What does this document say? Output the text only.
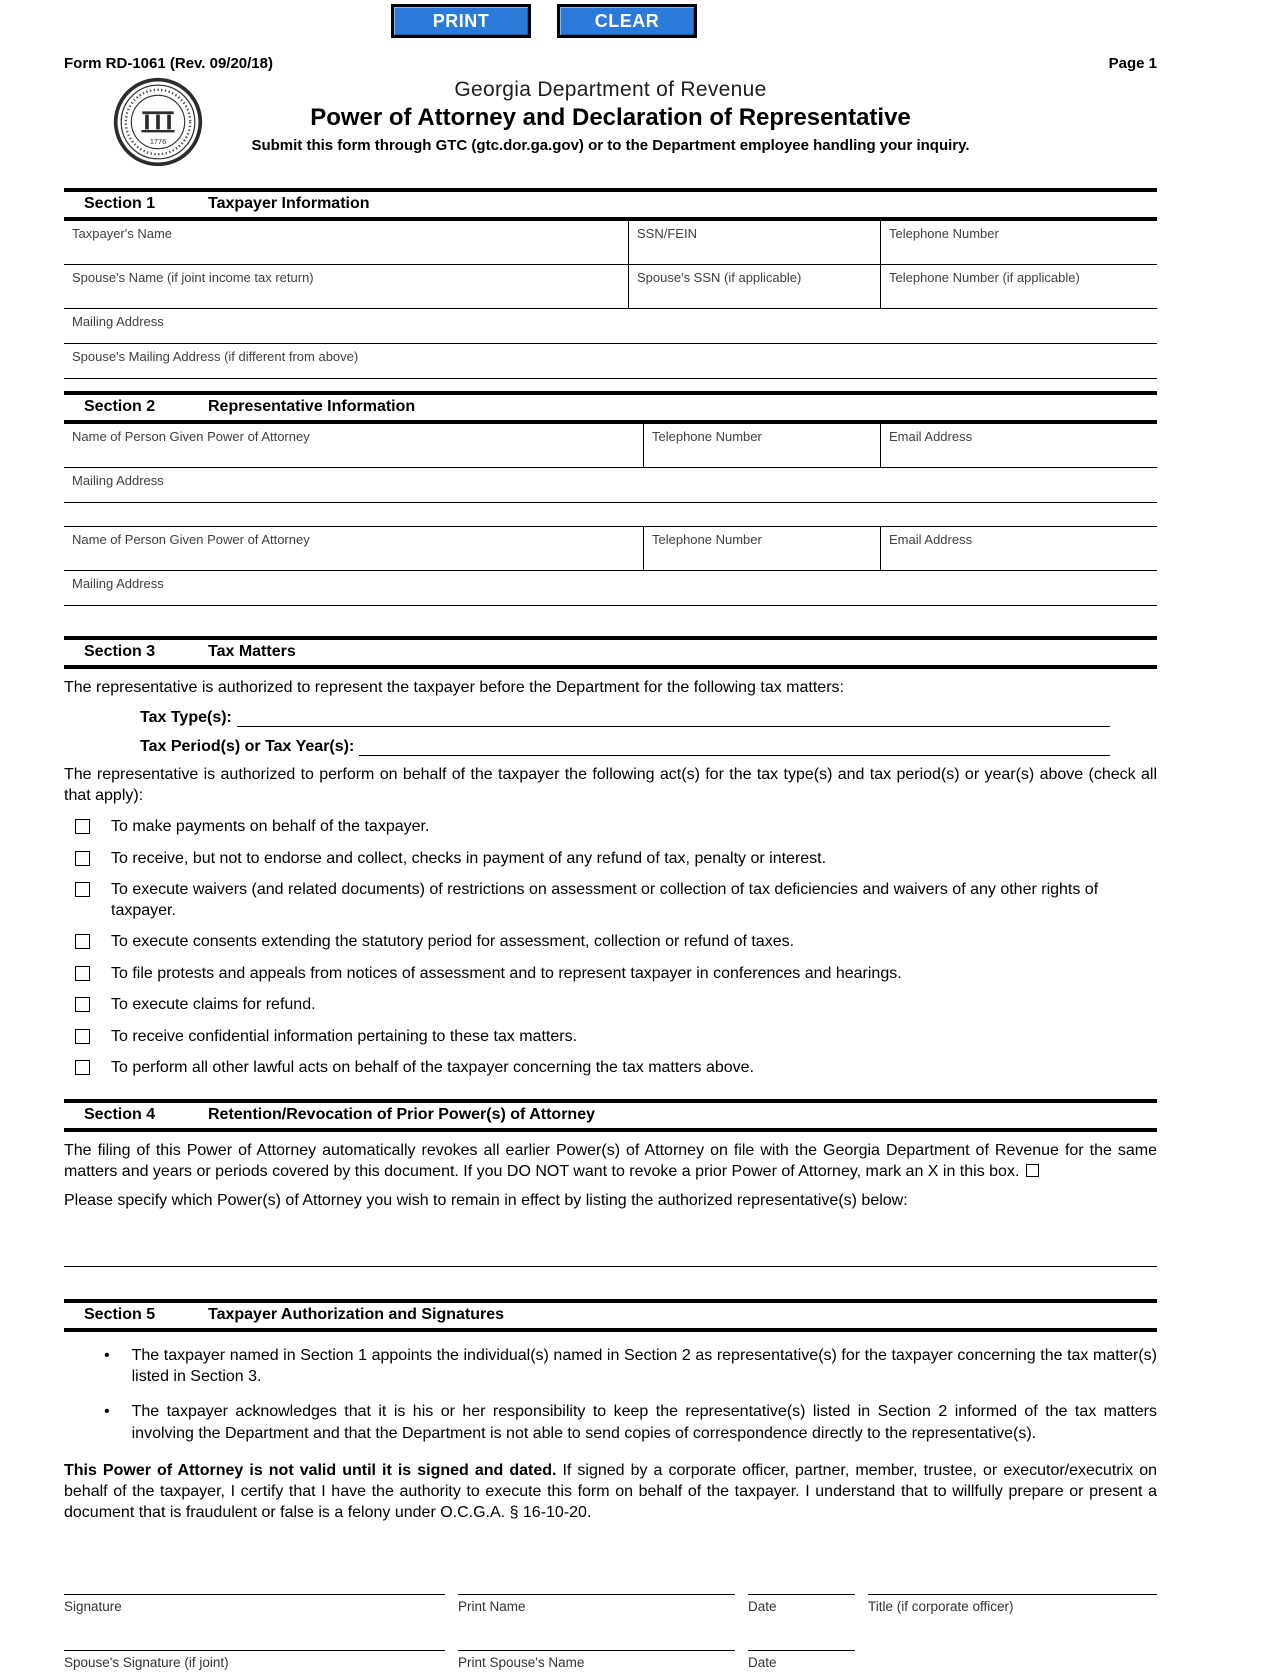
PRINT	CLEAR
Form RD-1061 (Rev. 09/20/18)	Page 1
1776
Georgia Department of Revenue
Power of Attorney and Declaration of Representative
Submit this form through GTC (gtc.dor.ga.gov) or to the Department employee handling your inquiry.
Section 1	Taxpayer Information
Taxpayer's Name	SSN/FEIN	Telephone Number
Spouse's Name (if joint income tax return)	Spouse's SSN (if applicable)	Telephone Number (if applicable)
Mailing Address
Spouse's Mailing Address (if different from above)
Section 2	Representative Information
Name of Person Given Power of Attorney	Telephone Number	Email Address
Mailing Address
Name of Person Given Power of Attorney	Telephone Number	Email Address
Mailing Address
Section 3	Tax Matters

The representative is authorized to represent the taxpayer before the Department for the following tax matters:

Tax Type(s):
Tax Period(s) or Tax Year(s):

The representative is authorized to perform on behalf of the taxpayer the following act(s) for the tax type(s) and tax period(s) or year(s) above (check all that apply):

To make payments on behalf of the taxpayer.
To receive, but not to endorse and collect, checks in payment of any refund of tax, penalty or interest.
To execute waivers (and related documents) of restrictions on assessment or collection of tax deficiencies and waivers of any other rights of taxpayer.
To execute consents extending the statutory period for assessment, collection or refund of taxes.
To file protests and appeals from notices of assessment and to represent taxpayer in conferences and hearings.
To execute claims for refund.
To receive confidential information pertaining to these tax matters.
To perform all other lawful acts on behalf of the taxpayer concerning the tax matters above.
Section 4	Retention/Revocation of Prior Power(s) of Attorney

The filing of this Power of Attorney automatically revokes all earlier Power(s) of Attorney on file with the Georgia Department of Revenue for the same matters and years or periods covered by this document. If you DO NOT want to revoke a prior Power of Attorney, mark an X in this box.

Please specify which Power(s) of Attorney you wish to remain in effect by listing the authorized representative(s) below:

Section 5	Taxpayer Authorization and Signatures
• The taxpayer named in Section 1 appoints the individual(s) named in Section 2 as representative(s) for the taxpayer concerning the tax matter(s) listed in Section 3.
• The taxpayer acknowledges that it is his or her responsibility to keep the representative(s) listed in Section 2 informed of the tax matters involving the Department and that the Department is not able to send copies of correspondence directly to the representative(s).

This Power of Attorney is not valid until it is signed and dated. If signed by a corporate officer, partner, member, trustee, or executor/executrix on behalf of the taxpayer, I certify that I have the authority to execute this form on behalf of the taxpayer. I understand that to willfully prepare or present a document that is fraudulent or false is a felony under O.C.G.A. § 16-10-20.

Signature	Print Name	Date	Title (if corporate officer)
Spouse's Signature (if joint)	Print Spouse's Name	Date
